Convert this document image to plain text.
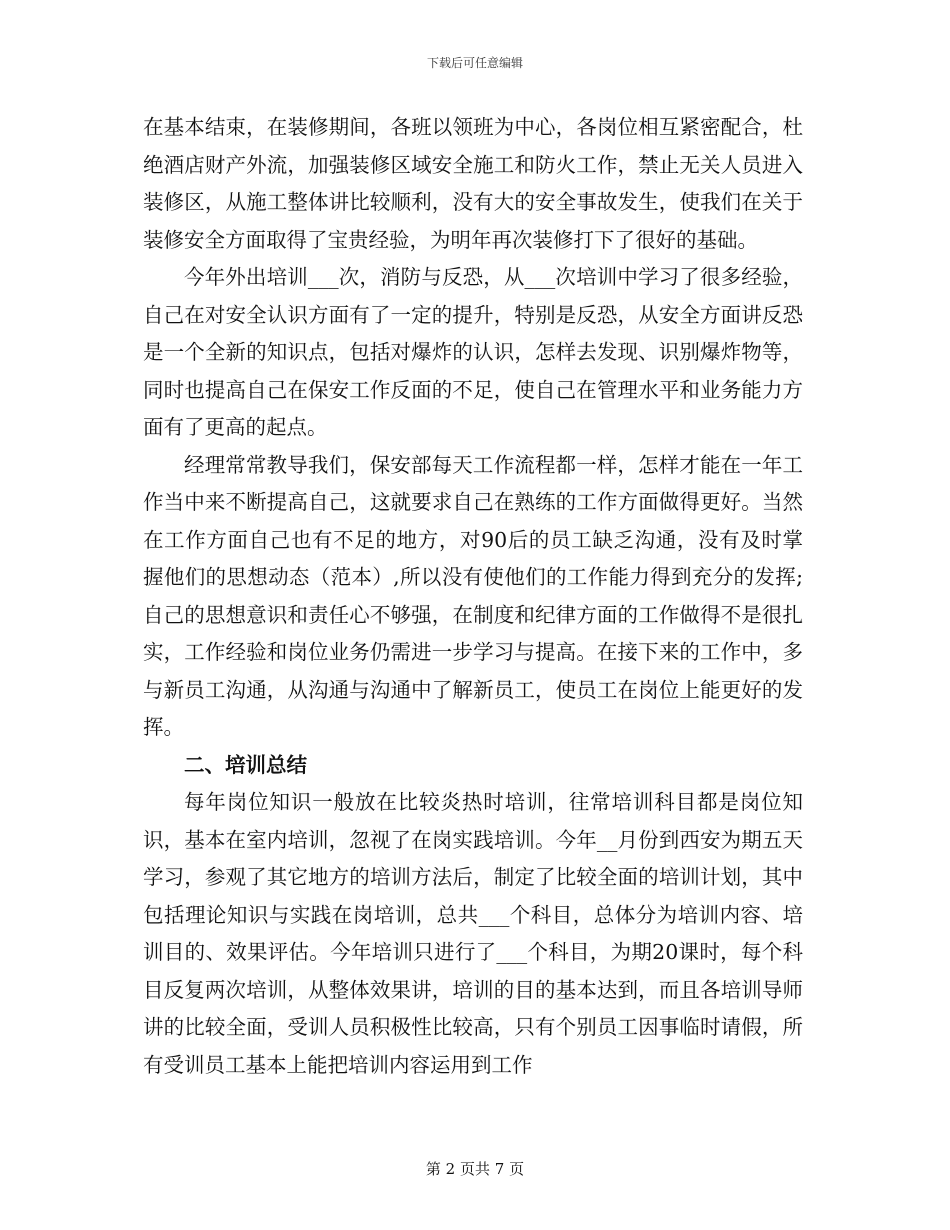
下载后可任意编辑

在基本结束，在装修期间，各班以领班为中心，各岗位相互紧密配合，杜绝酒店财产外流，加强装修区域安全施工和防火工作，禁止无关人员进入装修区，从施工整体讲比较顺利，没有大的安全事故发生，使我们在关于装修安全方面取得了宝贵经验，为明年再次装修打下了很好的基础。

今年外出培训___次，消防与反恐，从___次培训中学习了很多经验，自己在对安全认识方面有了一定的提升，特别是反恐，从安全方面讲反恐是一个全新的知识点，包括对爆炸的认识，怎样去发现、识别爆炸物等，同时也提高自己在保安工作反面的不足，使自己在管理水平和业务能力方面有了更高的起点。

经理常常教导我们，保安部每天工作流程都一样，怎样才能在一年工作当中来不断提高自己，这就要求自己在熟练的工作方面做得更好。当然在工作方面自己也有不足的地方，对90后的员工缺乏沟通，没有及时掌握他们的思想动态（范本）,所以没有使他们的工作能力得到充分的发挥;自己的思想意识和责任心不够强，在制度和纪律方面的工作做得不是很扎实，工作经验和岗位业务仍需进一步学习与提高。在接下来的工作中，多与新员工沟通，从沟通与沟通中了解新员工，使员工在岗位上能更好的发挥。

二、培训总结

每年岗位知识一般放在比较炎热时培训，往常培训科目都是岗位知识，基本在室内培训，忽视了在岗实践培训。今年__月份到西安为期五天学习，参观了其它地方的培训方法后，制定了比较全面的培训计划，其中包括理论知识与实践在岗培训，总共___个科目，总体分为培训内容、培训目的、效果评估。今年培训只进行了___个科目，为期20课时，每个科目反复两次培训，从整体效果讲，培训的目的基本达到，而且各培训导师讲的比较全面，受训人员积极性比较高，只有个别员工因事临时请假，所有受训员工基本上能把培训内容运用到工作

第 2 页共 7 页
